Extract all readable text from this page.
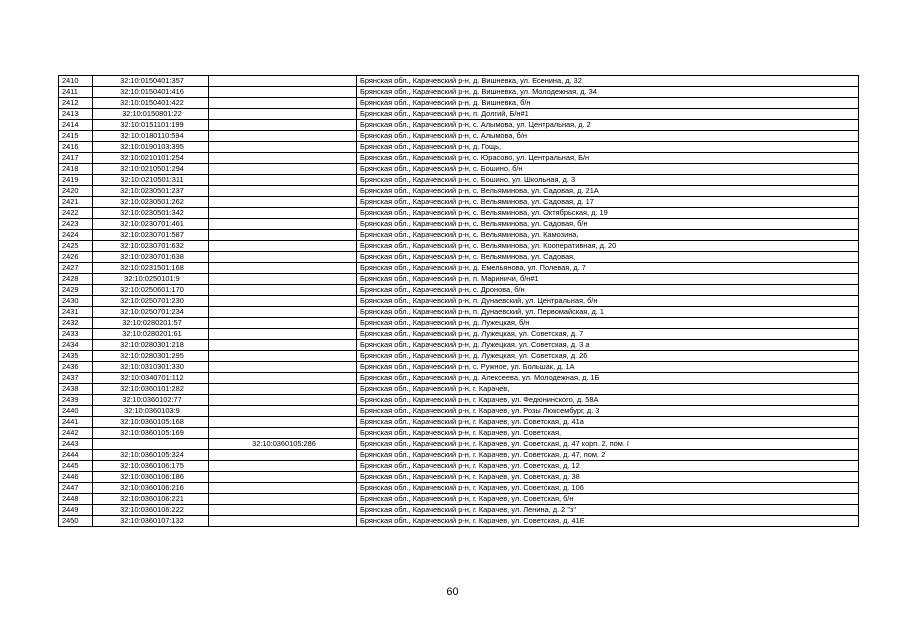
2410	32:10:0150401:357		Брянская обл., Карачевский р-н, д. Вишневка, ул. Есенина, д. 32
2411	32:10:0150401:416		Брянская обл., Карачевский р-н, д. Вишневка, ул. Молодежная, д. 34
2412	32:10:0150401:422		Брянская обл., Карачевский р-н, д. Вишневка, б/н
2413	32:10:0150801:22		Брянская обл., Карачевский р-н, п. Долгий, Б/н#1
2414	32:10:0151101:199		Брянская обл., Карачевский р-н, с. Алымова, ул. Центральная, д. 2
2415	32:10:0180110:594		Брянская обл., Карачевский р-н, с. Алымова, б/н
2416	32:10:0190103:395		Брянская обл., Карачевский р-н, д. Гощь,
2417	32:10:0210101:254		Брянская обл., Карачевский р-н, с. Юрасово, ул. Центральная, Б/н
2418	32:10:0210501:294		Брянская обл., Карачевский р-н, с. Бошино, б/н
2419	32:10:0210501:311		Брянская обл., Карачевский р-н, с. Бошино, ул. Школьная, д. 3
2420	32:10:0230501:237		Брянская обл., Карачевский р-н, с. Вельяминова, ул. Садовая, д. 21А
2421	32:10:0230501:262		Брянская обл., Карачевский р-н, с. Вельяминова, ул. Садовая, д. 17
2422	32:10:0230501:342		Брянская обл., Карачевский р-н, с. Вельяминова, ул. Октябрьская, д. 19
2423	32:10:0230701:461		Брянская обл., Карачевский р-н, с. Вельяминова, ул. Садовая, б/н
2424	32:10:0230701:587		Брянская обл., Карачевский р-н, с. Вельяминова, ул. Камозина,
2425	32:10:0230701:632		Брянская обл., Карачевский р-н, с. Вельяминова, ул. Кооперативная, д. 20
2426	32:10:0230701:638		Брянская обл., Карачевский р-н, с. Вельяминова, ул. Садовая,
2427	32:10:0231501:168		Брянская обл., Карачевский р-н, д. Емельянова, ул. Полевая, д. 7
2428	32:10:0250101:9		Брянская обл., Карачевский р-н, п. Мариничи, б/н#1
2429	32:10:0250601:170		Брянская обл., Карачевский р-н, с. Дронова, б/н
2430	32:10:0250701:230		Брянская обл., Карачевский р-н, п. Дунаевский, ул. Центральная, б/н
2431	32:10:0250701:234		Брянская обл., Карачевский р-н, п. Дунаевский, ул. Первомайская, д. 1
2432	32:10:0280201:57		Брянская обл., Карачевский р-н, д. Лужецкая, б/н
2433	32:10:0280201:61		Брянская обл., Карачевский р-н, д. Лужецкая, ул. Советская, д. 7
2434	32:10:0280301:218		Брянская обл., Карачевский р-н, д. Лужецкая, ул. Советская, д. 3 а
2435	32:10:0280301:295		Брянская обл., Карачевский р-н, д. Лужецкая, ул. Советская, д. 26
2436	32:10:0310301:330		Брянская обл., Карачевский р-н, с. Ружное, ул. Большак, д. 1А
2437	32:10:0340701:112		Брянская обл., Карачевский р-н, д. Алексеева, ул. Молодежная, д. 1Б
2438	32:10:0360101:282		Брянская обл., Карачевский р-н, г. Карачев,
2439	32:10:0360102:77		Брянская обл., Карачевский р-н, г. Карачев, ул. Федюнинского, д. 58А
2440	32:10:0360103:9		Брянская обл., Карачевский р-н, г. Карачев, ул. Розы Люксембург, д. 3
2441	32:10:0360105:168		Брянская обл., Карачевский р-н, г. Карачев, ул. Советская, д. 41а
2442	32:10:0360105:169		Брянская обл., Карачевский р-н, г. Карачев, ул. Советская,
2443		32:10:0360105:286	Брянская обл., Карачевский р-н, г. Карачев, ул. Советская, д. 47 корп. 2, пом. I
2444	32:10:0360105:324		Брянская обл., Карачевский р-н, г. Карачев, ул. Советская, д. 47, пом. 2
2445	32:10:0360106:175		Брянская обл., Карачевский р-н, г. Карачев, ул. Советская, д. 12
2446	32:10:0360106:186		Брянская обл., Карачевский р-н, г. Карачев, ул. Советская, д. 38
2447	32:10:0360106:216		Брянская обл., Карачевский р-н, г. Карачев, ул. Советская, д. 106
2448	32:10:0360106:221		Брянская обл., Карачевский р-н, г. Карачев, ул. Советская, б/н
2449	32:10:0360106:222		Брянская обл., Карачевский р-н, г. Карачев, ул. Ленина, д. 2 "з"
2450	32:10:0360107:132		Брянская обл., Карачевский р-н, г. Карачев, ул. Советская, д. 41Е
60
